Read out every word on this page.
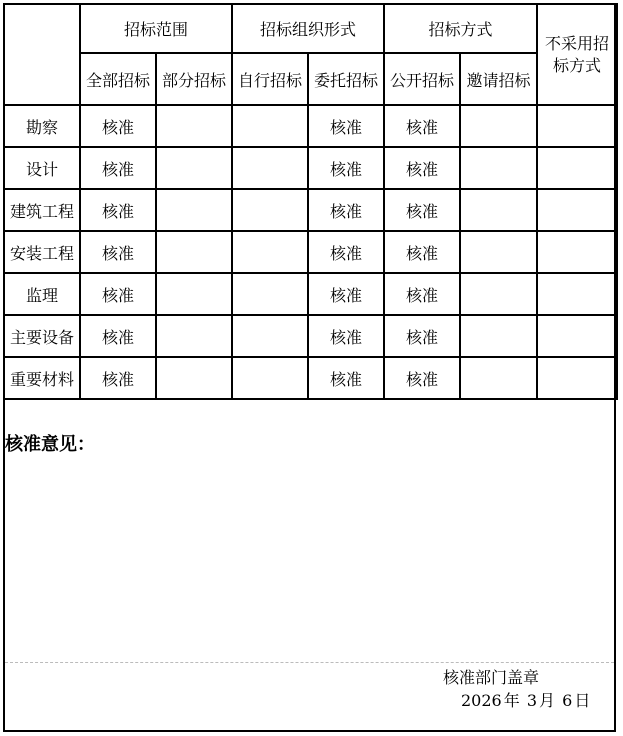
	招标范围		招标组织形式		招标方式		不采用招标方式
	全部招标	部分招标	自行招标	委托招标	公开招标	邀请招标	
勘察	核准			核准	核准		
设计	核准			核准	核准		
建筑工程	核准			核准	核准		
安装工程	核准			核准	核准		
监理	核准			核准	核准		
主要设备	核准			核准	核准		
重要材料	核准			核准	核准		
核准意见：
核准部门盖章
2026 年 3 月 6 日
